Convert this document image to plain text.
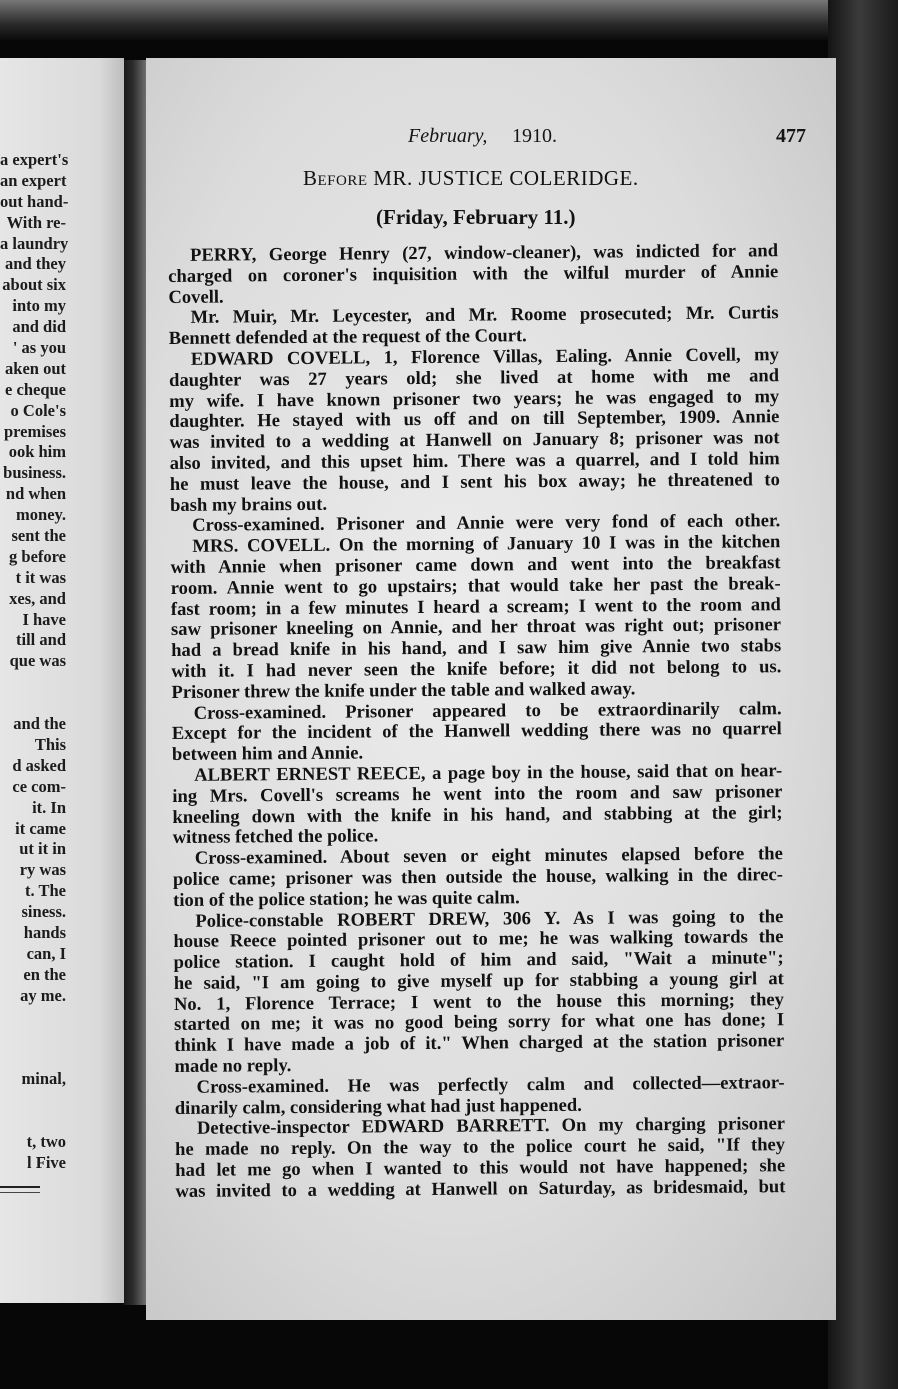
a expert's
an expert
out hand-
With re-
a laundry
and they
about six
into my
and did
' as you
aken out
e cheque
o Cole's
premises
ook him
business.
nd when
money.
sent the
g before
t it was
xes, and
I have
till and
que was
and the
This
d asked
ce com-
it. In
it came
ut it in
ry was
t. The
siness.
hands
can, I
en the
ay me.
minal,
t, two
l Five
February, 1910.	477
Before MR. JUSTICE COLERIDGE.
(Friday, February 11.)
PERRY, George Henry (27, window-cleaner), was indicted for and
charged on coroner's inquisition with the wilful murder of Annie
Covell.
Mr. Muir, Mr. Leycester, and Mr. Roome prosecuted; Mr. Curtis
Bennett defended at the request of the Court.
EDWARD COVELL, 1, Florence Villas, Ealing. Annie Covell, my
daughter was 27 years old; she lived at home with me and
my wife. I have known prisoner two years; he was engaged to my
daughter. He stayed with us off and on till September, 1909. Annie
was invited to a wedding at Hanwell on January 8; prisoner was not
also invited, and this upset him. There was a quarrel, and I told him
he must leave the house, and I sent his box away; he threatened to
bash my brains out.
Cross-examined. Prisoner and Annie were very fond of each other.
MRS. COVELL. On the morning of January 10 I was in the kitchen
with Annie when prisoner came down and went into the breakfast
room. Annie went to go upstairs; that would take her past the break-
fast room; in a few minutes I heard a scream; I went to the room and
saw prisoner kneeling on Annie, and her throat was right out; prisoner
had a bread knife in his hand, and I saw him give Annie two stabs
with it. I had never seen the knife before; it did not belong to us.
Prisoner threw the knife under the table and walked away.
Cross-examined. Prisoner appeared to be extraordinarily calm.
Except for the incident of the Hanwell wedding there was no quarrel
between him and Annie.
ALBERT ERNEST REECE, a page boy in the house, said that on hear-
ing Mrs. Covell's screams he went into the room and saw prisoner
kneeling down with the knife in his hand, and stabbing at the girl;
witness fetched the police.
Cross-examined. About seven or eight minutes elapsed before the
police came; prisoner was then outside the house, walking in the direc-
tion of the police station; he was quite calm.
Police-constable ROBERT DREW, 306 Y. As I was going to the
house Reece pointed prisoner out to me; he was walking towards the
police station. I caught hold of him and said, "Wait a minute";
he said, "I am going to give myself up for stabbing a young girl at
No. 1, Florence Terrace; I went to the house this morning; they
started on me; it was no good being sorry for what one has done; I
think I have made a job of it." When charged at the station prisoner
made no reply.
Cross-examined. He was perfectly calm and collected—extraor-
dinarily calm, considering what had just happened.
Detective-inspector EDWARD BARRETT. On my charging prisoner
he made no reply. On the way to the police court he said, "If they
had let me go when I wanted to this would not have happened; she
was invited to a wedding at Hanwell on Saturday, as bridesmaid, but
